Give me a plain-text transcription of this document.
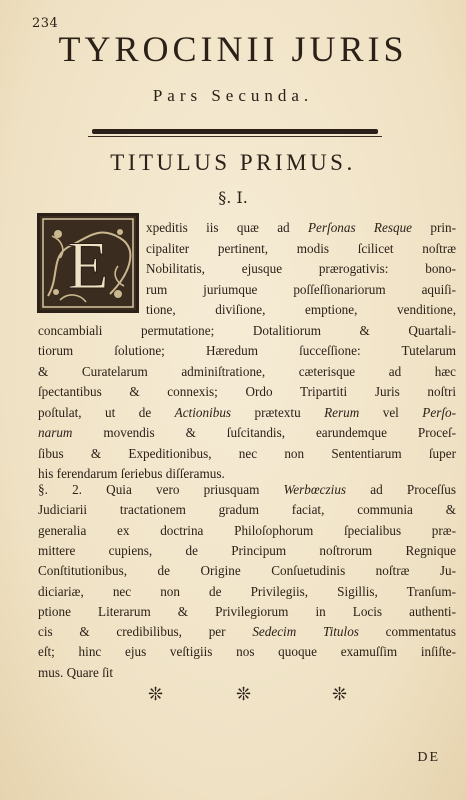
234
TYROCINII JURIS
Pars Secunda.
TITULUS PRIMUS.
§. I.
E	xpeditis iis quæ ad Perſonas Resque prin-
cipaliter pertinent, modis ſcilicet noſtræ
Nobilitatis, ejusque prærogativis: bono-
rum juriumque poſſeſſionariorum aquiſi-
tione, diviſione, emptione, venditione,
concambiali permutatione; Dotalitiorum & Quartali-
tiorum ſolutione; Hæredum ſucceſſione: Tutelarum
& Curatelarum adminiſtratione, cæterisque ad hæc
ſpectantibus & connexis; Ordo Tripartiti Juris noſtri
poſtulat, ut de Actionibus prætextu Rerum vel Perſo-
narum movendis & ſuſcitandis, earundemque Proceſ-
ſibus & Expeditionibus, nec non Sententiarum ſuper
his ferendarum ſeriebus diſſeramus.
§. 2. Quia vero priusquam Werbœczius ad Proceſſus
Judiciarii tractationem gradum faciat, communia &
generalia ex doctrina Philoſophorum ſpecialibus præ-
mittere cupiens, de Principum noſtrorum Regnique
Conſtitutionibus, de Origine Conſuetudinis noſtræ Ju-
diciariæ, nec non de Privilegiis, Sigillis, Tranſum-
ptione Literarum & Privilegiorum in Locis authenti-
cis & credibilibus, per Sedecim Titulos commentatus
eſt; hinc ejus veſtigiis nos quoque examuſſim inſiſte-
mus. Quare ſit
❊	❊	❊
DE
